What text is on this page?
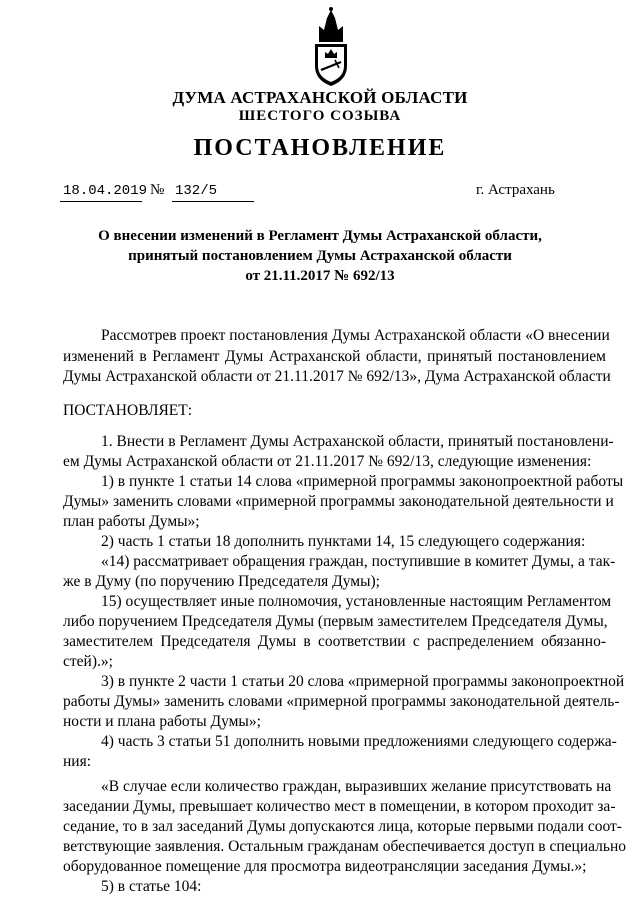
ДУМА АСТРАХАНСКОЙ ОБЛАСТИ
ШЕСТОГО СОЗЫВА
ПОСТАНОВЛЕНИЕ
18.04.2019 № 132/5	г. Астрахань
О внесении изменений в Регламент Думы Астраханской области,
принятый постановлением Думы Астраханской области
от 21.11.2017 № 692/13
Рассмотрев проект постановления Думы Астраханской области «О внесении
изменений в Регламент Думы Астраханской области, принятый постановлением
Думы Астраханской области от 21.11.2017 № 692/13», Дума Астраханской области
ПОСТАНОВЛЯЕТ:
1. Внести в Регламент Думы Астраханской области, принятый постановлени-
ем Думы Астраханской области от 21.11.2017 № 692/13, следующие изменения:
1) в пункте 1 статьи 14 слова «примерной программы законопроектной работы
Думы» заменить словами «примерной программы законодательной деятельности и
план работы Думы»;
2) часть 1 статьи 18 дополнить пунктами 14, 15 следующего содержания:
«14) рассматривает обращения граждан, поступившие в комитет Думы, а так-
же в Думу (по поручению Председателя Думы);
15) осуществляет иные полномочия, установленные настоящим Регламентом
либо поручением Председателя Думы (первым заместителем Председателя Думы,
заместителем Председателя Думы в соответствии с распределением обязанно-
стей).»;
3) в пункте 2 части 1 статьи 20 слова «примерной программы законопроектной
работы Думы» заменить словами «примерной программы законодательной деятель-
ности и плана работы Думы»;
4) часть 3 статьи 51 дополнить новыми предложениями следующего содержа-
ния:
«В случае если количество граждан, выразивших желание присутствовать на
заседании Думы, превышает количество мест в помещении, в котором проходит за-
седание, то в зал заседаний Думы допускаются лица, которые первыми подали соот-
ветствующие заявления. Остальным гражданам обеспечивается доступ в специально
оборудованное помещение для просмотра видеотрансляции заседания Думы.»;
5) в статье 104:
